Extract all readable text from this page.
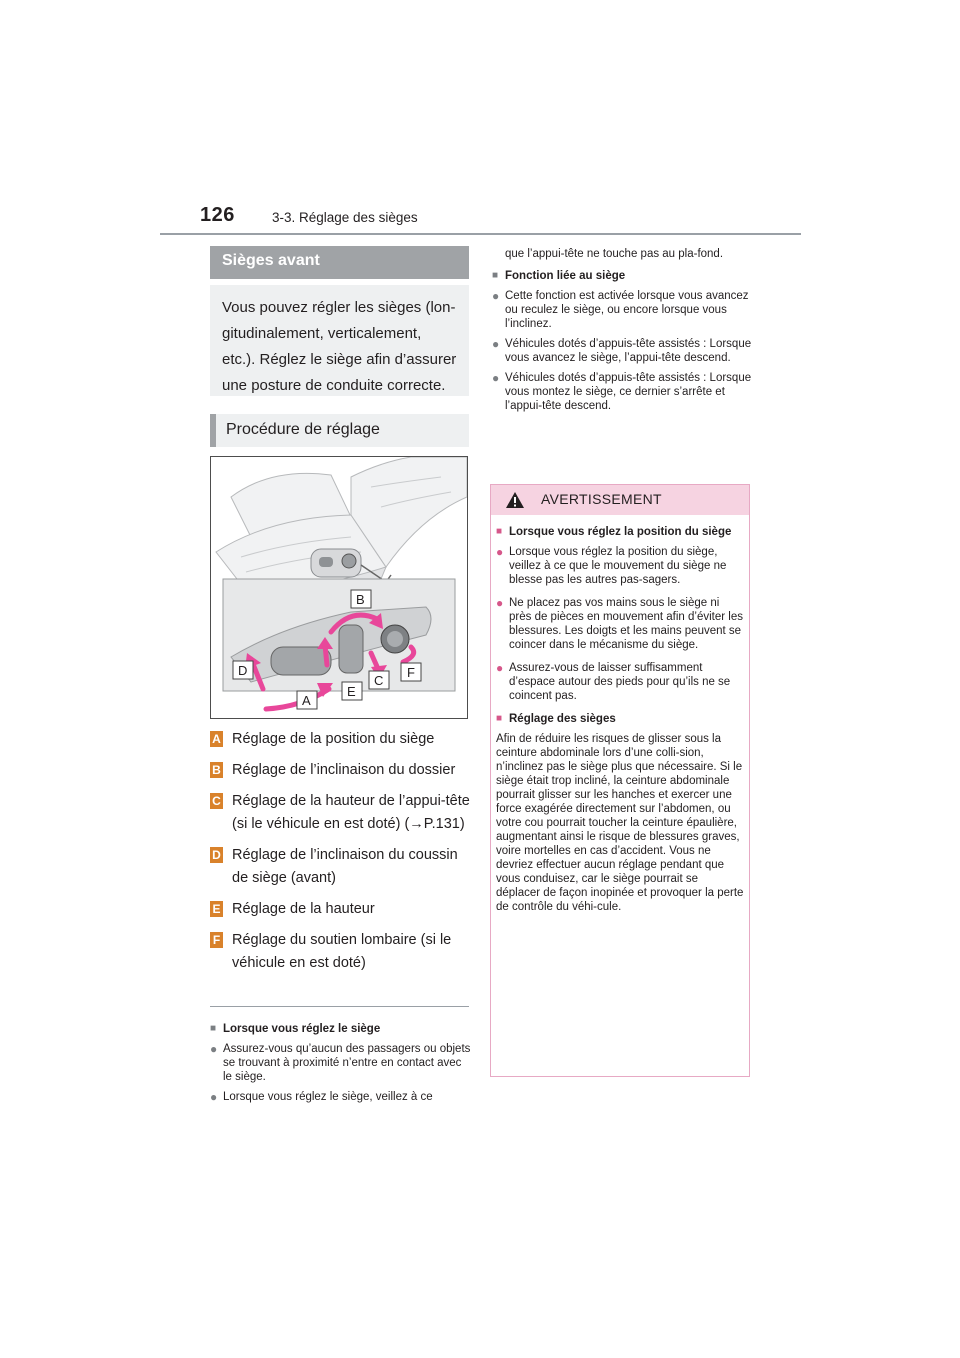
126	3-3. Réglage des sièges
Sièges avant
Vous pouvez régler les sièges (lon-gitudinalement, verticalement, etc.). Réglez le siège afin d’assurer une posture de conduite correcte.
Procédure de réglage
B
D
C
F
E
A
A Réglage de la position du siège
B Réglage de l’inclinaison du dossier
C Réglage de la hauteur de l’appui-tête (si le véhicule en est doté) (→P.131)
D Réglage de l’inclinaison du coussin de siège (avant)
E Réglage de la hauteur
F Réglage du soutien lombaire (si le véhicule en est doté)
■ Lorsque vous réglez le siège
● Assurez-vous qu’aucun des passagers ou objets se trouvant à proximité n’entre en contact avec le siège.
● Lorsque vous réglez le siège, veillez à ce
que l’appui-tête ne touche pas au pla-fond.
■ Fonction liée au siège
● Cette fonction est activée lorsque vous avancez ou reculez le siège, ou encore lorsque vous l’inclinez.
● Véhicules dotés d’appuis-tête assistés : Lorsque vous avancez le siège, l’appui-tête descend.
● Véhicules dotés d’appuis-tête assistés : Lorsque vous montez le siège, ce dernier s’arrête et l’appui-tête descend.
AVERTISSEMENT
■ Lorsque vous réglez la position du siège
● Lorsque vous réglez la position du siège, veillez à ce que le mouvement du siège ne blesse pas les autres pas-sagers.
● Ne placez pas vos mains sous le siège ni près de pièces en mouvement afin d’éviter les blessures. Les doigts et les mains peuvent se coincer dans le mécanisme du siège.
● Assurez-vous de laisser suffisamment d’espace autour des pieds pour qu’ils ne se coincent pas.
■ Réglage des sièges
Afin de réduire les risques de glisser sous la ceinture abdominale lors d’une colli-sion, n’inclinez pas le siège plus que nécessaire. Si le siège était trop incliné, la ceinture abdominale pourrait glisser sur les hanches et exercer une force exagérée directement sur l’abdomen, ou votre cou pourrait toucher la ceinture épaulière, augmentant ainsi le risque de blessures graves, voire mortelles en cas d’accident. Vous ne devriez effectuer aucun réglage pendant que vous conduisez, car le siège pourrait se déplacer de façon inopinée et provoquer la perte de contrôle du véhi-cule.
